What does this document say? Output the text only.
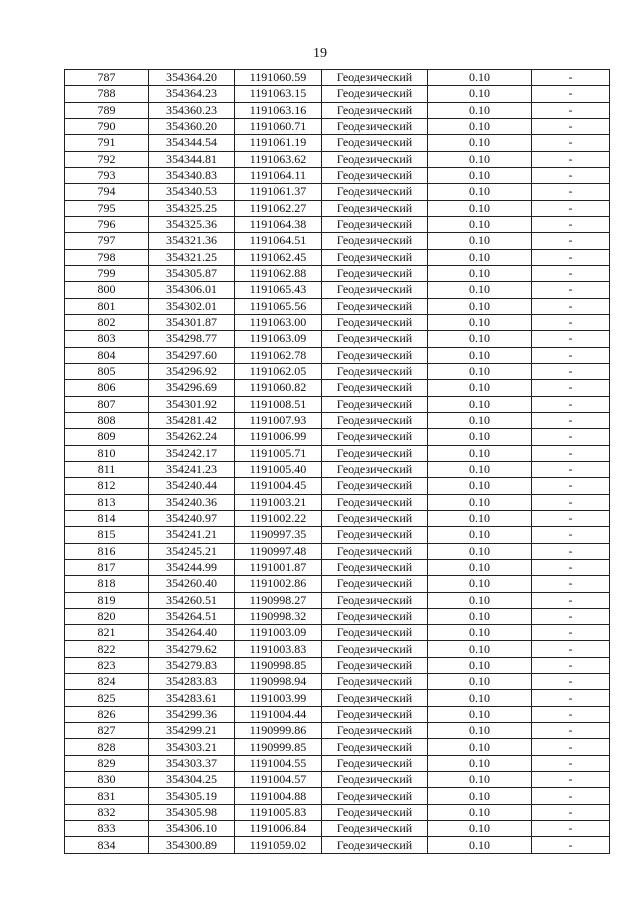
19
787	354364.20	1191060.59	Геодезический	0.10	-
788	354364.23	1191063.15	Геодезический	0.10	-
789	354360.23	1191063.16	Геодезический	0.10	-
790	354360.20	1191060.71	Геодезический	0.10	-
791	354344.54	1191061.19	Геодезический	0.10	-
792	354344.81	1191063.62	Геодезический	0.10	-
793	354340.83	1191064.11	Геодезический	0.10	-
794	354340.53	1191061.37	Геодезический	0.10	-
795	354325.25	1191062.27	Геодезический	0.10	-
796	354325.36	1191064.38	Геодезический	0.10	-
797	354321.36	1191064.51	Геодезический	0.10	-
798	354321.25	1191062.45	Геодезический	0.10	-
799	354305.87	1191062.88	Геодезический	0.10	-
800	354306.01	1191065.43	Геодезический	0.10	-
801	354302.01	1191065.56	Геодезический	0.10	-
802	354301.87	1191063.00	Геодезический	0.10	-
803	354298.77	1191063.09	Геодезический	0.10	-
804	354297.60	1191062.78	Геодезический	0.10	-
805	354296.92	1191062.05	Геодезический	0.10	-
806	354296.69	1191060.82	Геодезический	0.10	-
807	354301.92	1191008.51	Геодезический	0.10	-
808	354281.42	1191007.93	Геодезический	0.10	-
809	354262.24	1191006.99	Геодезический	0.10	-
810	354242.17	1191005.71	Геодезический	0.10	-
811	354241.23	1191005.40	Геодезический	0.10	-
812	354240.44	1191004.45	Геодезический	0.10	-
813	354240.36	1191003.21	Геодезический	0.10	-
814	354240.97	1191002.22	Геодезический	0.10	-
815	354241.21	1190997.35	Геодезический	0.10	-
816	354245.21	1190997.48	Геодезический	0.10	-
817	354244.99	1191001.87	Геодезический	0.10	-
818	354260.40	1191002.86	Геодезический	0.10	-
819	354260.51	1190998.27	Геодезический	0.10	-
820	354264.51	1190998.32	Геодезический	0.10	-
821	354264.40	1191003.09	Геодезический	0.10	-
822	354279.62	1191003.83	Геодезический	0.10	-
823	354279.83	1190998.85	Геодезический	0.10	-
824	354283.83	1190998.94	Геодезический	0.10	-
825	354283.61	1191003.99	Геодезический	0.10	-
826	354299.36	1191004.44	Геодезический	0.10	-
827	354299.21	1190999.86	Геодезический	0.10	-
828	354303.21	1190999.85	Геодезический	0.10	-
829	354303.37	1191004.55	Геодезический	0.10	-
830	354304.25	1191004.57	Геодезический	0.10	-
831	354305.19	1191004.88	Геодезический	0.10	-
832	354305.98	1191005.83	Геодезический	0.10	-
833	354306.10	1191006.84	Геодезический	0.10	-
834	354300.89	1191059.02	Геодезический	0.10	-
